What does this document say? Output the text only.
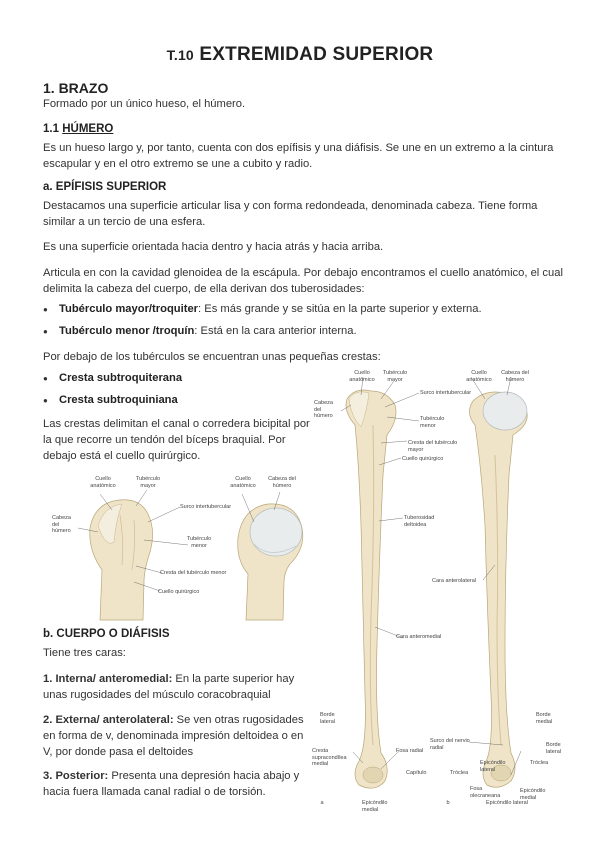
T.10 EXTREMIDAD SUPERIOR
1. BRAZO
Formado por un único hueso, el húmero.
1.1 HÚMERO
Es un hueso largo y, por tanto, cuenta con dos epífisis y una diáfisis. Se une en un extremo a la cintura escapular y en el otro extremo se une a cubito y radio.
a. EPÍFISIS SUPERIOR
Destacamos una superficie articular lisa y con forma redondeada, denominada cabeza. Tiene forma similar a un tercio de una esfera.
Es una superficie orientada hacia dentro y hacia atrás y hacia arriba.
Articula en con la cavidad glenoidea de la escápula. Por debajo encontramos el cuello anatómico, el cual delimita la cabeza del cuerpo, de ella derivan dos tuberosidades:
● Tubérculo mayor/troquiter: Es más grande y se sitúa en la parte superior y externa.
● Tubérculo menor /troquín: Está en la cara anterior interna.
Por debajo de los tubérculos se encuentran unas pequeñas crestas:
● Cresta subtroquiterana
● Cresta subtroquiniana
Las crestas delimitan el canal o corredera bicipital por la que recorre un tendón del bíceps braquial. Por debajo está el cuello quirúrgico.
Cuello anatómico
Tubérculo mayor
Surco intertubercular
Cabeza del húmero
Tubérculo menor
Cresta del tubérculo menor
Cuello quirúrgico
Cuello anatómico
Cabeza del húmero
b. CUERPO O DIÁFISIS
Tiene tres caras:
1. Interna/ anteromedial: En la parte superior hay unas rugosidades del músculo coracobraquial
2. Externa/ anterolateral: Se ven otras rugosidades en forma de v, denominada impresión deltoidea o en V, por donde pasa el deltoides
3. Posterior: Presenta una depresión hacia abajo y hacia fuera llamada canal radial o de torsión.
Cuello anatómico
Tubérculo mayor
Surco intertubercular
Tubérculo menor
Cabeza del húmero
Cresta del tubérculo mayor
Cuello quirúrgico
Tuberosidad deltoidea
Cara anteromedial
Cara anterolateral
Borde lateral
Cresta supracondílea medial
Epicóndilo medial
Fosa radial
Capítulo	Tróclea
Epicóndilo lateral
Cuello anatómico
Cabeza del húmero
Borde medial
Surco del nervio radial
Tróclea
Epicóndilo medial
Epicóndilo lateral
Fosa olecraneana
Borde lateral
a	b
